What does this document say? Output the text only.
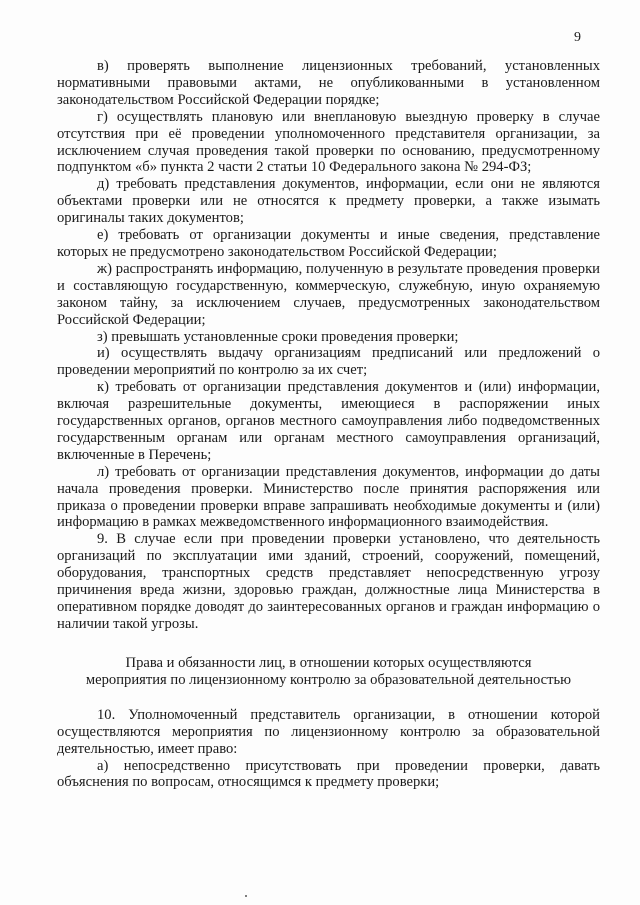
9

в) проверять выполнение лицензионных требований, установленных нормативными правовыми актами, не опубликованными в установленном законодательством Российской Федерации порядке;

г) осуществлять плановую или внеплановую выездную проверку в случае отсутствия при её проведении уполномоченного представителя организации, за исключением случая проведения такой проверки по основанию, предусмотренному подпунктом «б» пункта 2 части 2 статьи 10 Федерального закона № 294-ФЗ;

д) требовать представления документов, информации, если они не являются объектами проверки или не относятся к предмету проверки, а также изымать оригиналы таких документов;

е) требовать от организации документы и иные сведения, представление которых не предусмотрено законодательством Российской Федерации;

ж) распространять информацию, полученную в результате проведения проверки и составляющую государственную, коммерческую, служебную, иную охраняемую законом тайну, за исключением случаев, предусмотренных законодательством Российской Федерации;

з) превышать установленные сроки проведения проверки;

и) осуществлять выдачу организациям предписаний или предложений о проведении мероприятий по контролю за их счет;

к) требовать от организации представления документов и (или) информации, включая разрешительные документы, имеющиеся в распоряжении иных государственных органов, органов местного самоуправления либо подведомственных государственным органам или органам местного самоуправления организаций, включенные в Перечень;

л) требовать от организации представления документов, информации до даты начала проведения проверки. Министерство после принятия распоряжения или приказа о проведении проверки вправе запрашивать необходимые документы и (или) информацию в рамках межведомственного информационного взаимодействия.

9. В случае если при проведении проверки установлено, что деятельность организаций по эксплуатации ими зданий, строений, сооружений, помещений, оборудования, транспортных средств представляет непосредственную угрозу причинения вреда жизни, здоровью граждан, должностные лица Министерства в оперативном порядке доводят до заинтересованных органов и граждан информацию о наличии такой угрозы.

Права и обязанности лиц, в отношении которых осуществляются
мероприятия по лицензионному контролю за образовательной деятельностью

10. Уполномоченный представитель организации, в отношении которой осуществляются мероприятия по лицензионному контролю за образовательной деятельностью, имеет право:

а) непосредственно присутствовать при проведении проверки, давать объяснения по вопросам, относящимся к предмету проверки;
